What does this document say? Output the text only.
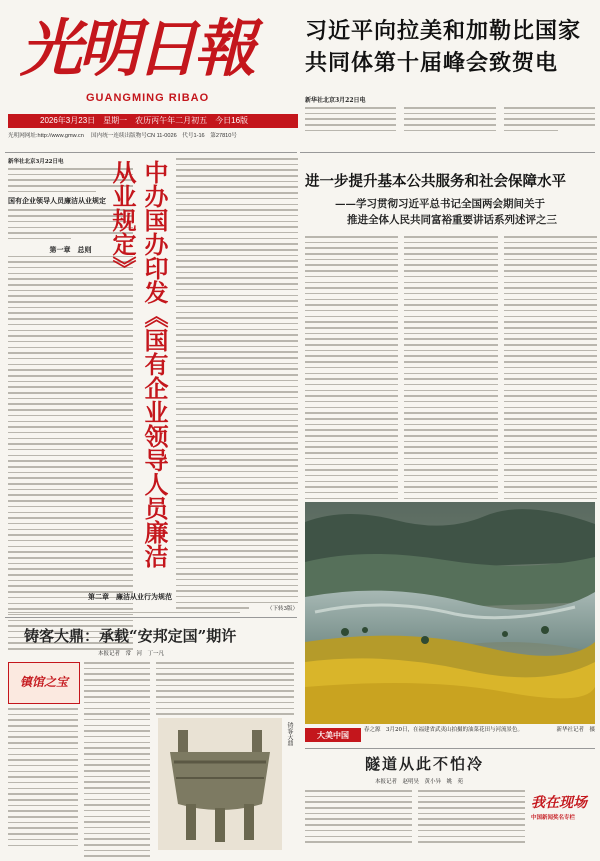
光明日報
GUANGMING RIBAO
2026年3月23日　星期一　农历丙午年二月初五　今日16版
光明网网址:http://www.gmw.cn　 国内统一连续出版物号CN 11-0026　代号1-16　第27810号
习近平向拉美和加勒比国家
共同体第十届峰会致贺电
新华社北京3月22日电
新华社北京3月22日电
国有企业领导人员廉洁从业规定
第一章　总则	中办国办印发《国有企业领导人员廉洁从业规定》
第二章　廉洁从业行为规范
（下转3版）
进一步提升基本公共服务和社会保障水平
——学习贯彻习近平总书记全国两会期间关于
推进全体人民共同富裕重要讲话系列述评之三
大美中国	春之源　3月20日，在福建省武夷山拍摄的油菜花田与河流景色。	新华社记者　摄
隧道从此不怕冷
本报记者　赵明昊　黄小异　姚　苑
我在现场
中国新闻奖名专栏
铸客大鼎：承载“安邦定国”期许
本报记者　常　河　丁一凡
镇馆之宝
铸客大鼎
